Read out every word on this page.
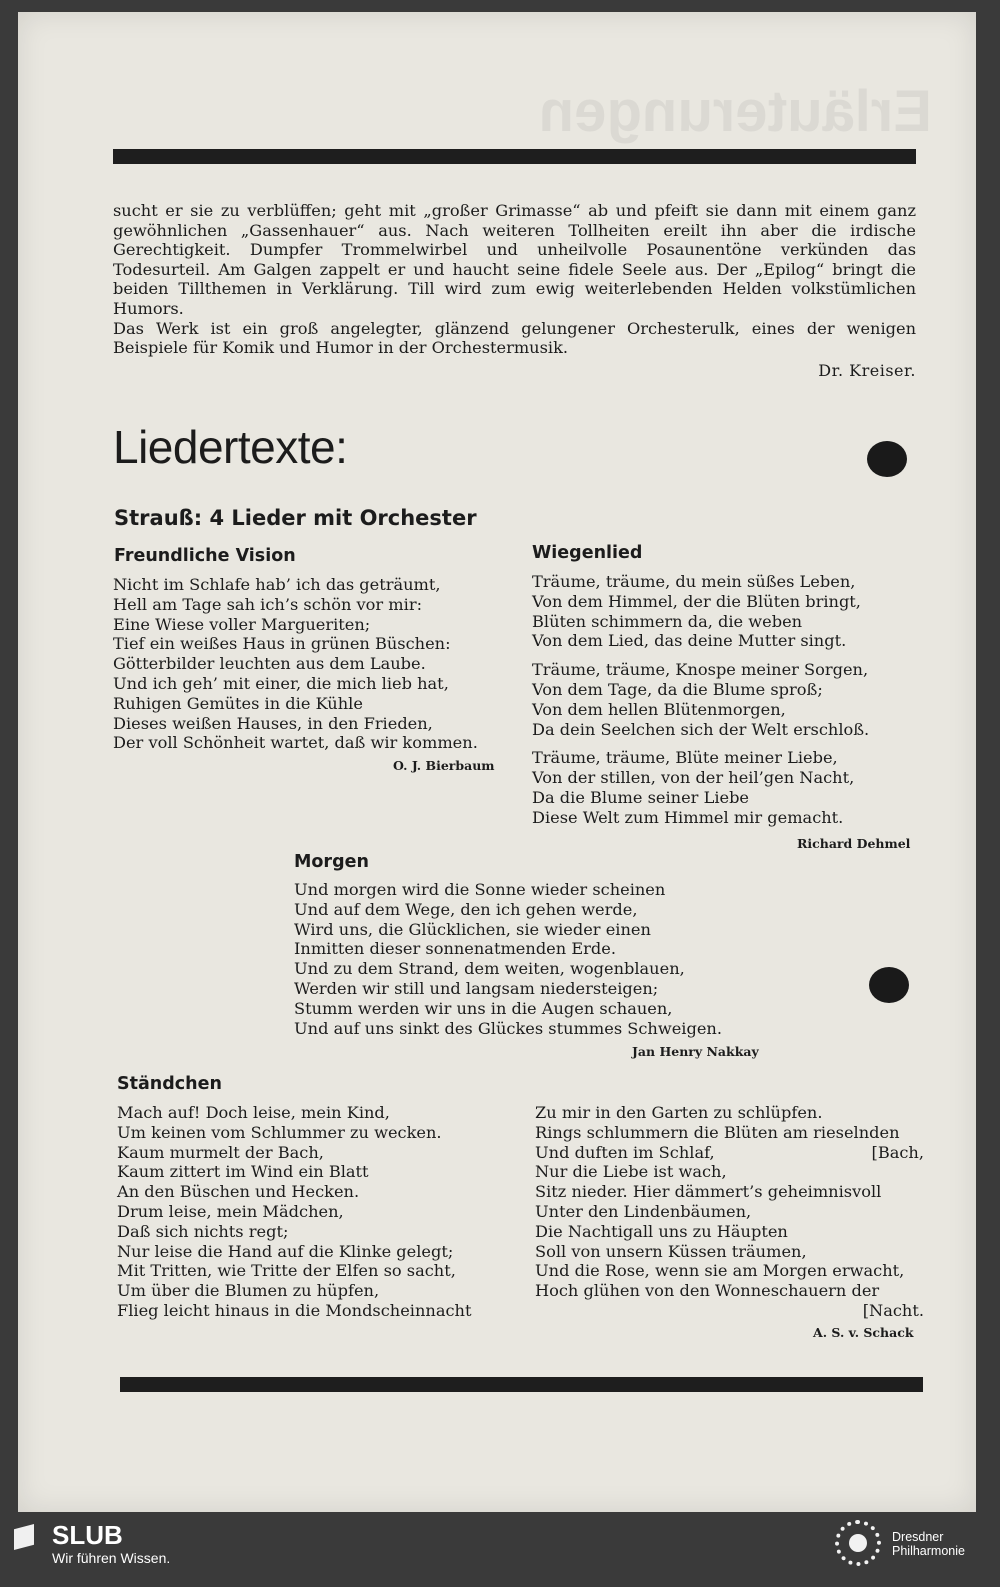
Erläuterungen

sucht er sie zu verblüffen; geht mit „großer Grimasse“ ab und pfeift sie dann mit einem ganz gewöhnlichen „Gassenhauer“ aus. Nach weiteren Tollheiten ereilt ihn aber die irdische Gerechtigkeit. Dumpfer Trommelwirbel und unheilvolle Posaunentöne verkünden das Todesurteil. Am Galgen zappelt er und haucht seine fidele Seele aus. Der „Epilog“ bringt die beiden Tillthemen in Verklärung. Till wird zum ewig weiterlebenden Helden volkstümlichen Humors.

Das Werk ist ein groß angelegter, glänzend gelungener Orchesterulk, eines der wenigen Beispiele für Komik und Humor in der Orchestermusik.

Dr. Kreiser.
Liedertexte:
Strauß: 4 Lieder mit Orchester
Freundliche Vision
Nicht im Schlafe hab’ ich das geträumt,
Hell am Tage sah ich’s schön vor mir:
Eine Wiese voller Margueriten;
Tief ein weißes Haus in grünen Büschen:
Götterbilder leuchten aus dem Laube.
Und ich geh’ mit einer, die mich lieb hat,
Ruhigen Gemütes in die Kühle
Dieses weißen Hauses, in den Frieden,
Der voll Schönheit wartet, daß wir kommen.
O. J. Bierbaum
Wiegenlied
Träume, träume, du mein süßes Leben,
Von dem Himmel, der die Blüten bringt,
Blüten schimmern da, die weben
Von dem Lied, das deine Mutter singt.
Träume, träume, Knospe meiner Sorgen,
Von dem Tage, da die Blume sproß;
Von dem hellen Blütenmorgen,
Da dein Seelchen sich der Welt erschloß.
Träume, träume, Blüte meiner Liebe,
Von der stillen, von der heil’gen Nacht,
Da die Blume seiner Liebe
Diese Welt zum Himmel mir gemacht.
Richard Dehmel
Morgen
Und morgen wird die Sonne wieder scheinen
Und auf dem Wege, den ich gehen werde,
Wird uns, die Glücklichen, sie wieder einen
Inmitten dieser sonnenatmenden Erde.
Und zu dem Strand, dem weiten, wogenblauen,
Werden wir still und langsam niedersteigen;
Stumm werden wir uns in die Augen schauen,
Und auf uns sinkt des Glückes stummes Schweigen.
Jan Henry Nakkay
Ständchen
Mach auf! Doch leise, mein Kind,
Um keinen vom Schlummer zu wecken.
Kaum murmelt der Bach,
Kaum zittert im Wind ein Blatt
An den Büschen und Hecken.
Drum leise, mein Mädchen,
Daß sich nichts regt;
Nur leise die Hand auf die Klinke gelegt;
Mit Tritten, wie Tritte der Elfen so sacht,
Um über die Blumen zu hüpfen,
Flieg leicht hinaus in die Mondscheinnacht
Zu mir in den Garten zu schlüpfen.
Rings schlummern die Blüten am rieselnden
Und duften im Schlaf,	[Bach,
Nur die Liebe ist wach,
Sitz nieder. Hier dämmert’s geheimnisvoll
Unter den Lindenbäumen,
Die Nachtigall uns zu Häupten
Soll von unsern Küssen träumen,
Und die Rose, wenn sie am Morgen erwacht,
Hoch glühen von den Wonneschauern der
[Nacht.
A. S. v. Schack
SLUB
Wir führen Wissen.
Dresdner
Philharmonie
